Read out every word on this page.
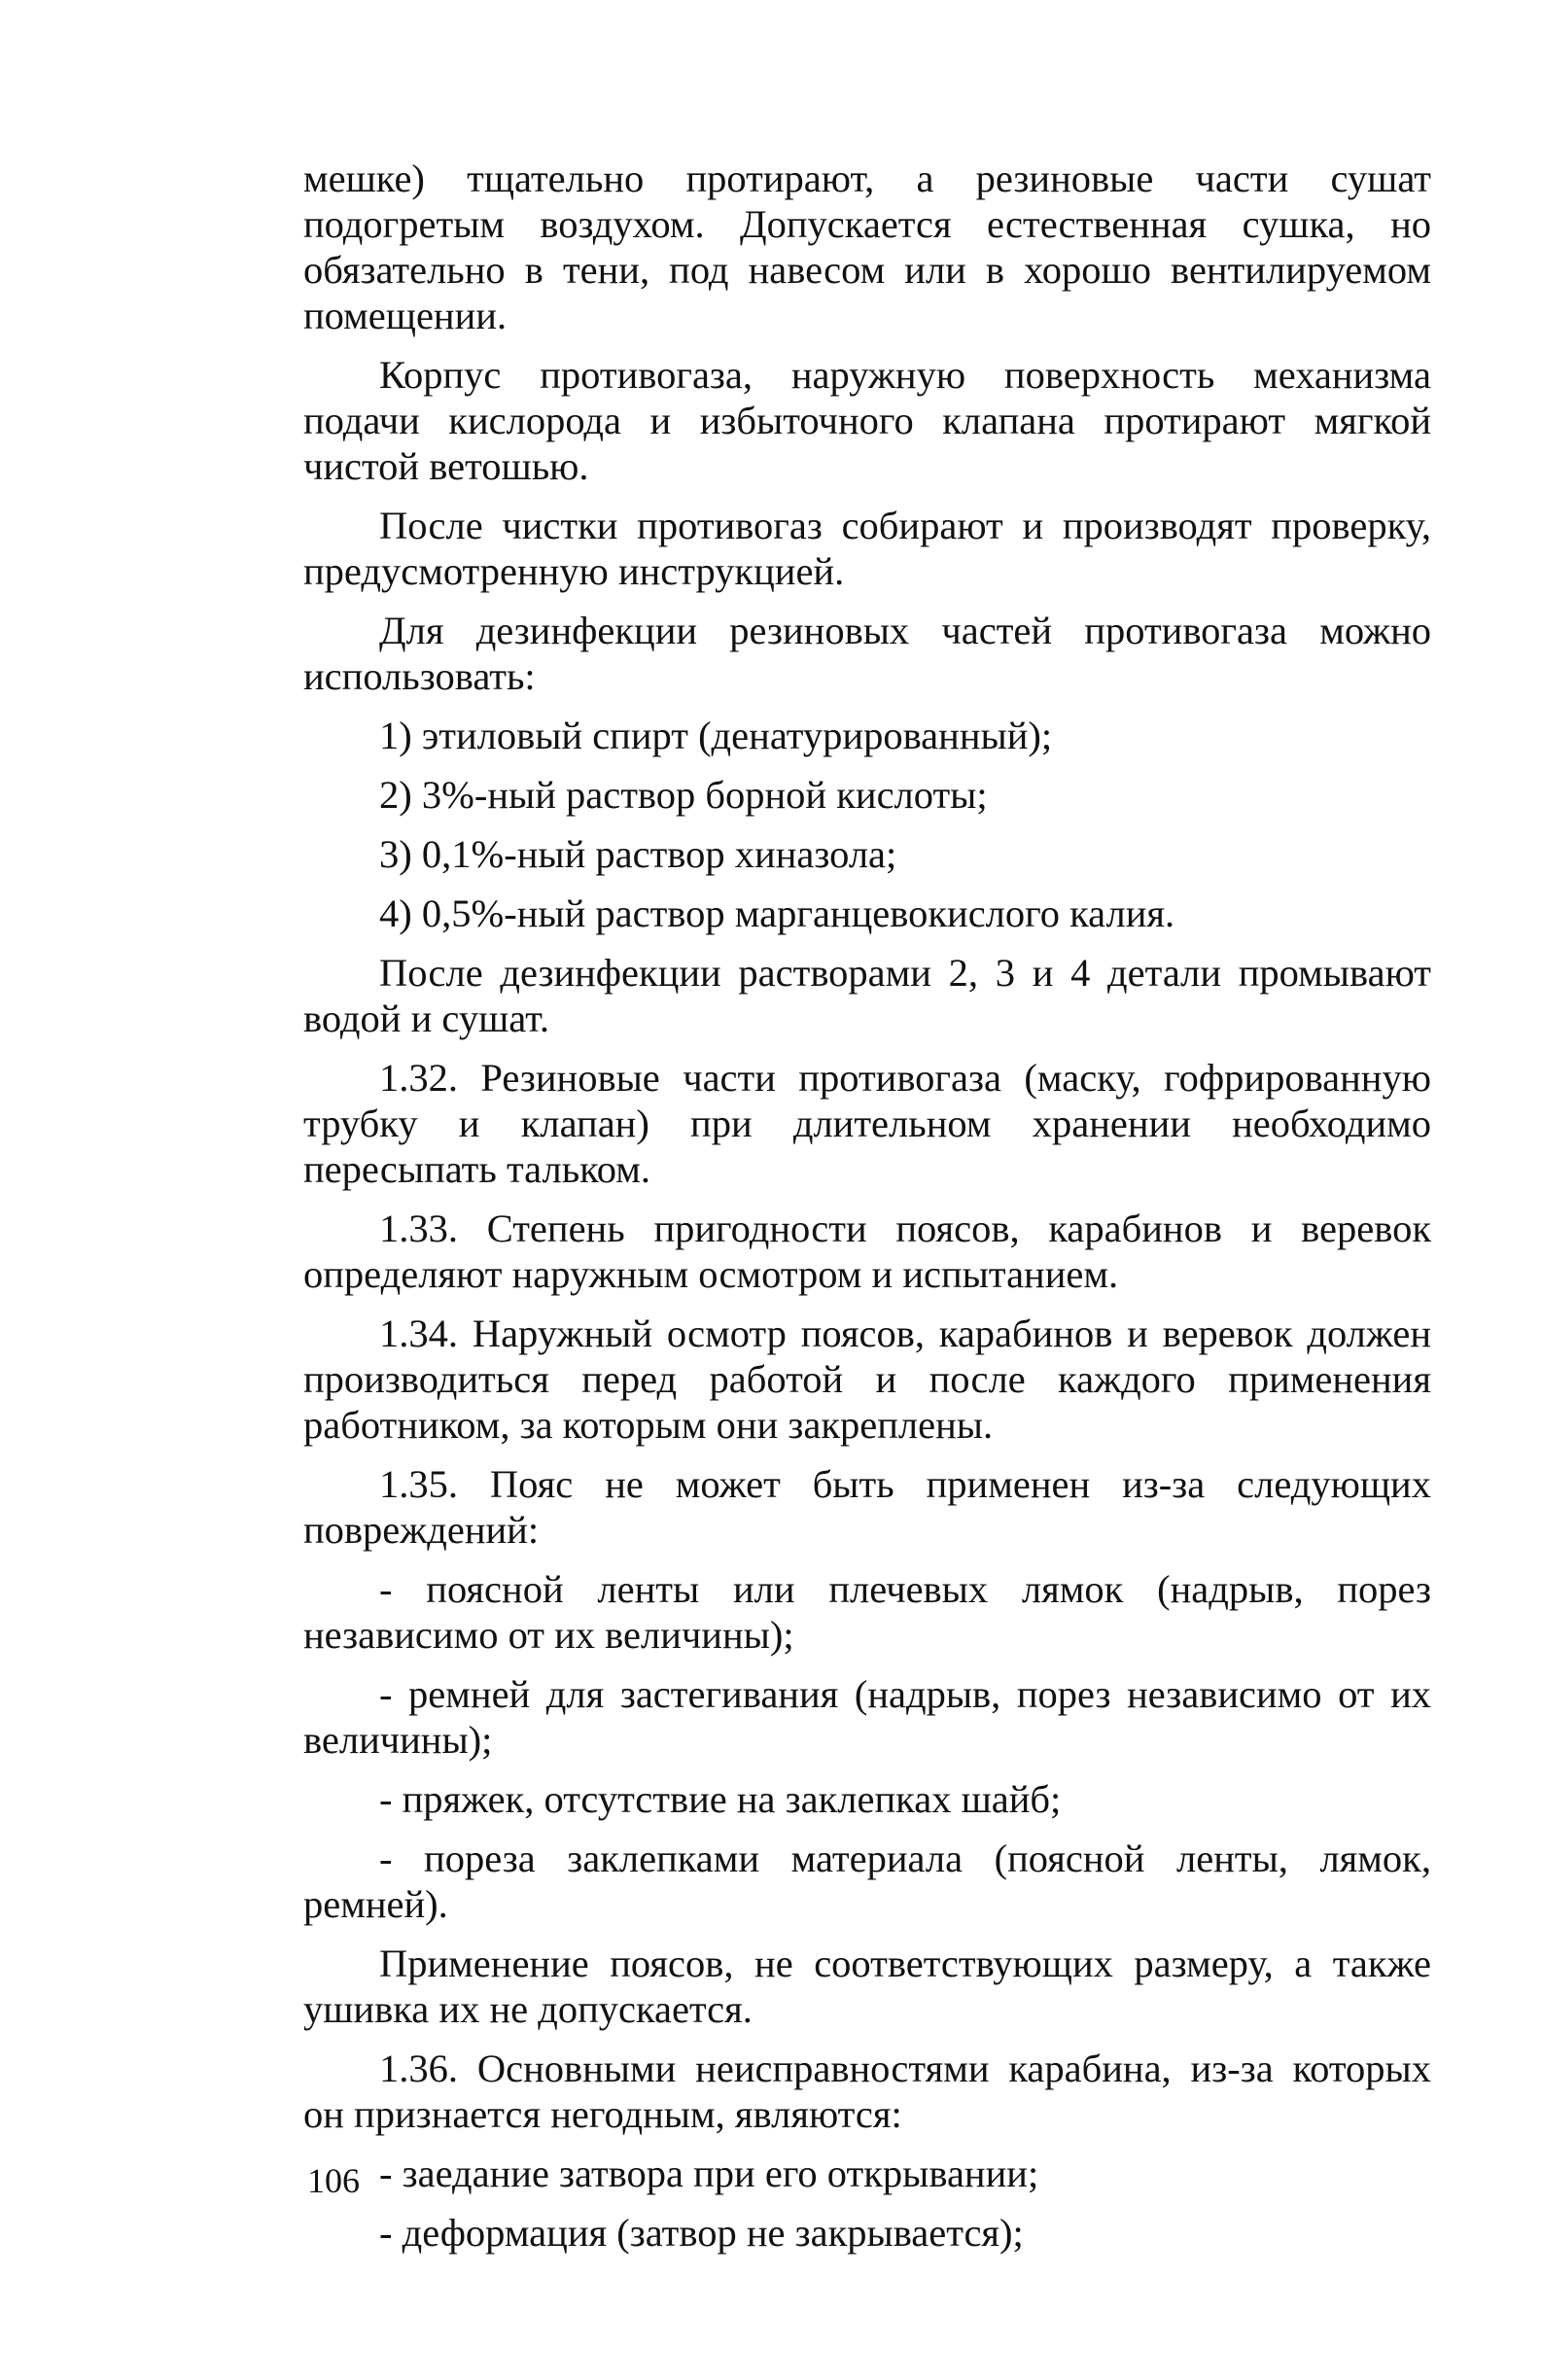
мешке) тщательно протирают, а резиновые части сушат подогретым воздухом. Допускается естественная сушка, но обязательно в тени, под навесом или в хорошо вентилируемом помещении.

Корпус противогаза, наружную поверхность механизма подачи кислорода и избыточного клапана протирают мягкой чистой ветошью.

После чистки противогаз собирают и производят проверку, предусмотренную инструкцией.

Для дезинфекции резиновых частей противогаза можно использовать:

1) этиловый спирт (денатурированный);

2) 3%-ный раствор борной кислоты;

3) 0,1%-ный раствор хиназола;

4) 0,5%-ный раствор марганцевокислого калия.

После дезинфекции растворами 2, 3 и 4 детали промывают водой и сушат.

1.32. Резиновые части противогаза (маску, гофрированную трубку и клапан) при длительном хранении необходимо пересыпать тальком.

1.33. Степень пригодности поясов, карабинов и веревок определяют наружным осмотром и испытанием.

1.34. Наружный осмотр поясов, карабинов и веревок должен производиться перед работой и после каждого применения работником, за которым они закреплены.

1.35. Пояс не может быть применен из-за следующих повреждений:

- поясной ленты или плечевых лямок (надрыв, порез независимо от их величины);

- ремней для застегивания (надрыв, порез независимо от их величины);

- пряжек, отсутствие на заклепках шайб;

- пореза заклепками материала (поясной ленты, лямок, ремней).

Применение поясов, не соответствующих размеру, а также ушивка их не допускается.

1.36. Основными неисправностями карабина, из-за которых он признается негодным, являются:

- заедание затвора при его открывании;

- деформация (затвор не закрывается);

106
